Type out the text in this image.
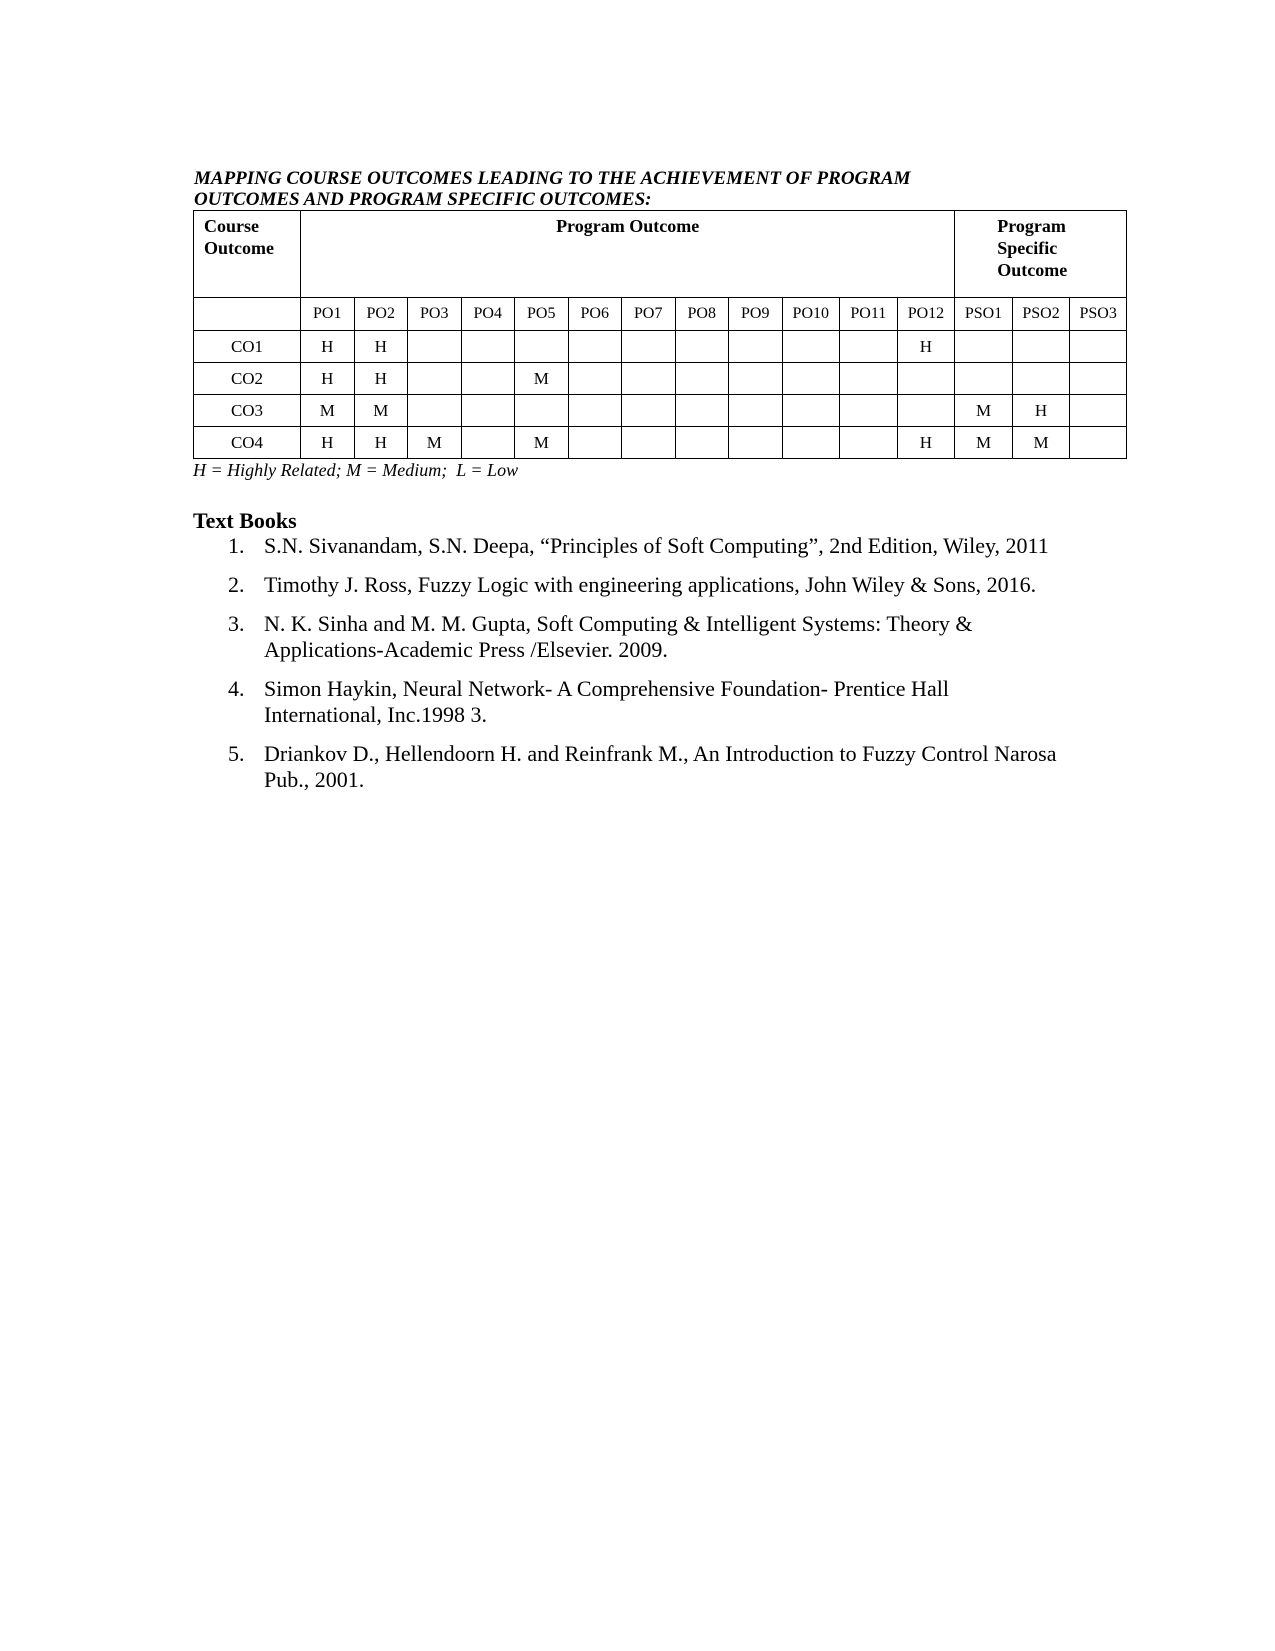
MAPPING COURSE OUTCOMES LEADING TO THE ACHIEVEMENT OF PROGRAM
OUTCOMES AND PROGRAM SPECIFIC OUTCOMES:
Course Outcome	Program Outcome												Program Specific Outcome		
	PO1	PO2	PO3	PO4	PO5	PO6	PO7	PO8	PO9	PO10	PO11	PO12	PSO1	PSO2	PSO3
CO1	H	H										H			
CO2	H	H			M										
CO3	M	M											M	H	
CO4	H	H	M		M							H	M	M	
H = Highly Related; M = Medium;  L = Low
Text Books
1. S.N. Sivanandam, S.N. Deepa, “Principles of Soft Computing”, 2nd Edition, Wiley, 2011
2. Timothy J. Ross, Fuzzy Logic with engineering applications, John Wiley & Sons, 2016.
3. N. K. Sinha and M. M. Gupta, Soft Computing & Intelligent Systems: Theory & Applications-Academic Press /Elsevier. 2009.
4. Simon Haykin, Neural Network- A Comprehensive Foundation- Prentice Hall International, Inc.1998 3.
5. Driankov D., Hellendoorn H. and Reinfrank M., An Introduction to Fuzzy Control Narosa Pub., 2001.
